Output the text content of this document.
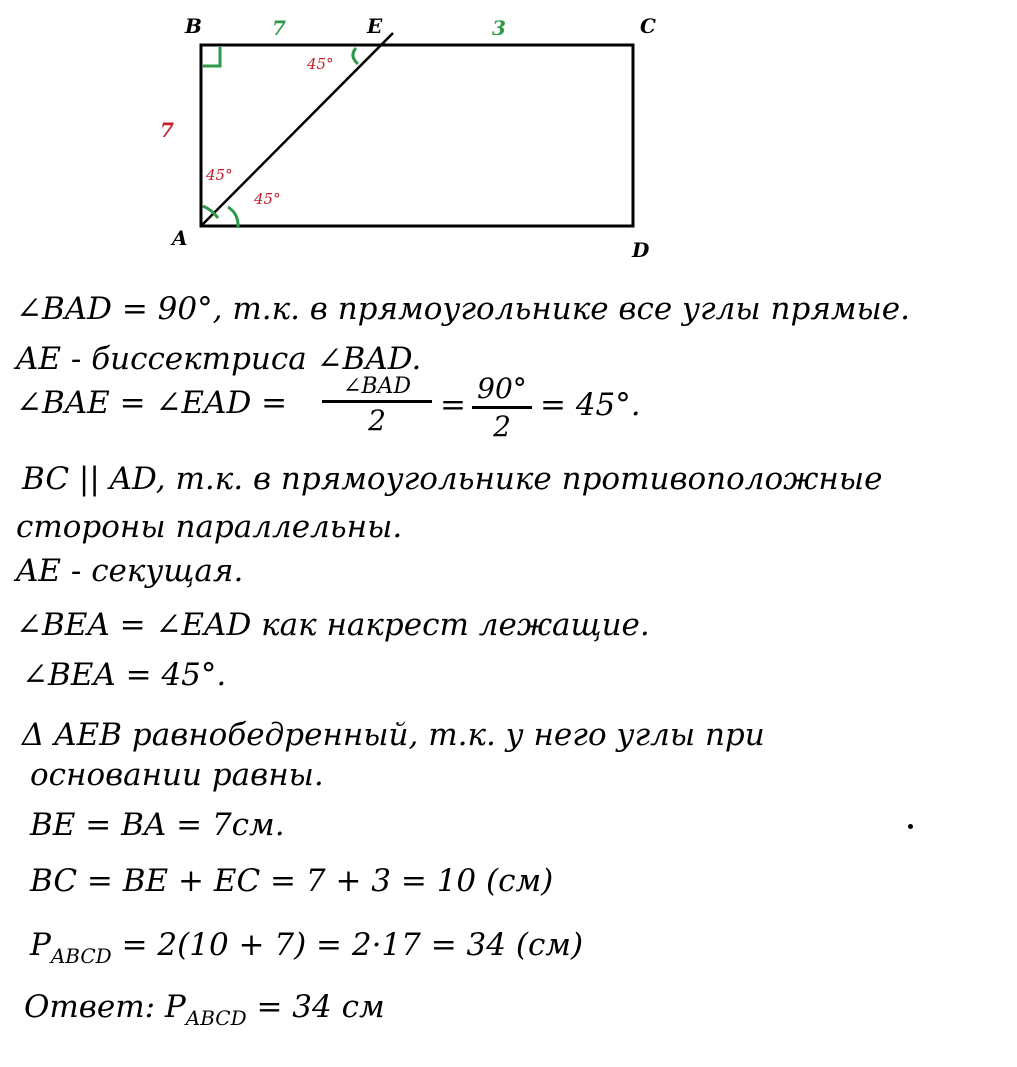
B	E	C
A	D
7	3
7
45°
45°
45°
∠BAD = 90°, т.к. в прямоугольнике все углы прямые.
AE - биссектриса ∠BAD.
∠BAE = ∠EAD =	∠BAD
2	= 90°
2
= 45°.
BC || AD, т.к. в прямоугольнике противоположные
стороны параллельны.
AE - секущая.
∠BEA = ∠EAD как накрест лежащие.
∠BEA = 45°.
Δ AEB равнобедренный, т.к. у него углы при
основании равны.
BE = BA = 7см.
BC = BE + EC = 7 + 3 = 10 (см)
$P_{ABCD} = 2(10 + 7) = 2\cdot 17 = 34$ (см)
Ответ: $P_{ABCD} = 34$ см
